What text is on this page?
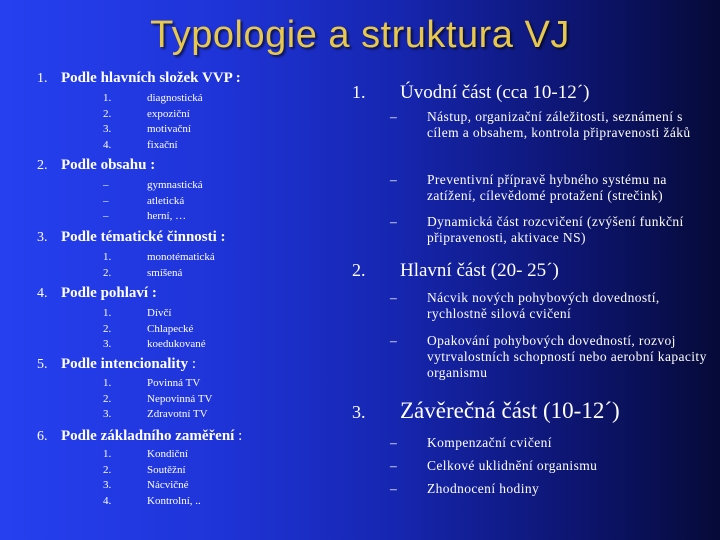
Typologie a struktura VJ
1. Podle hlavních složek VVP :
1.	diagnostická
2.	expoziční
3.	motivační
4.	fixační
2. Podle obsahu :
–	gymnastická
–	atletická
–	herní, …
3. Podle tématické činnosti :
1.	monotématická
2.	smíšená
4. Podle pohlaví :
1.	Dívčí
2.	Chlapecké
3.	koedukované
5. Podle intencionality :
1.	Povinná TV
2.	Nepovinná TV
3.	Zdravotní TV
6. Podle základního zaměření :
1.	Kondiční
2.	Soutěžní
3.	Nácvičné
4.	Kontrolní, ..
1. Úvodní část (cca 10-12´)
–	Nástup, organizační záležitosti, seznámení s cílem a obsahem, kontrola připravenosti žáků
–	Preventivní přípravě hybného systému na zatížení, cílevědomé protažení (strečink)
–	Dynamická část rozcvičení (zvýšení funkční připravenosti, aktivace NS)
2. Hlavní část (20- 25´)
–	Nácvik nových pohybových dovedností, rychlostně silová cvičení
–	Opakování pohybových dovedností, rozvoj vytrvalostních schopností nebo aerobní kapacity organismu
3. Závěrečná část (10-12´)
–	Kompenzační cvičení
–	Celkové uklidnění organismu
–	Zhodnocení hodiny
